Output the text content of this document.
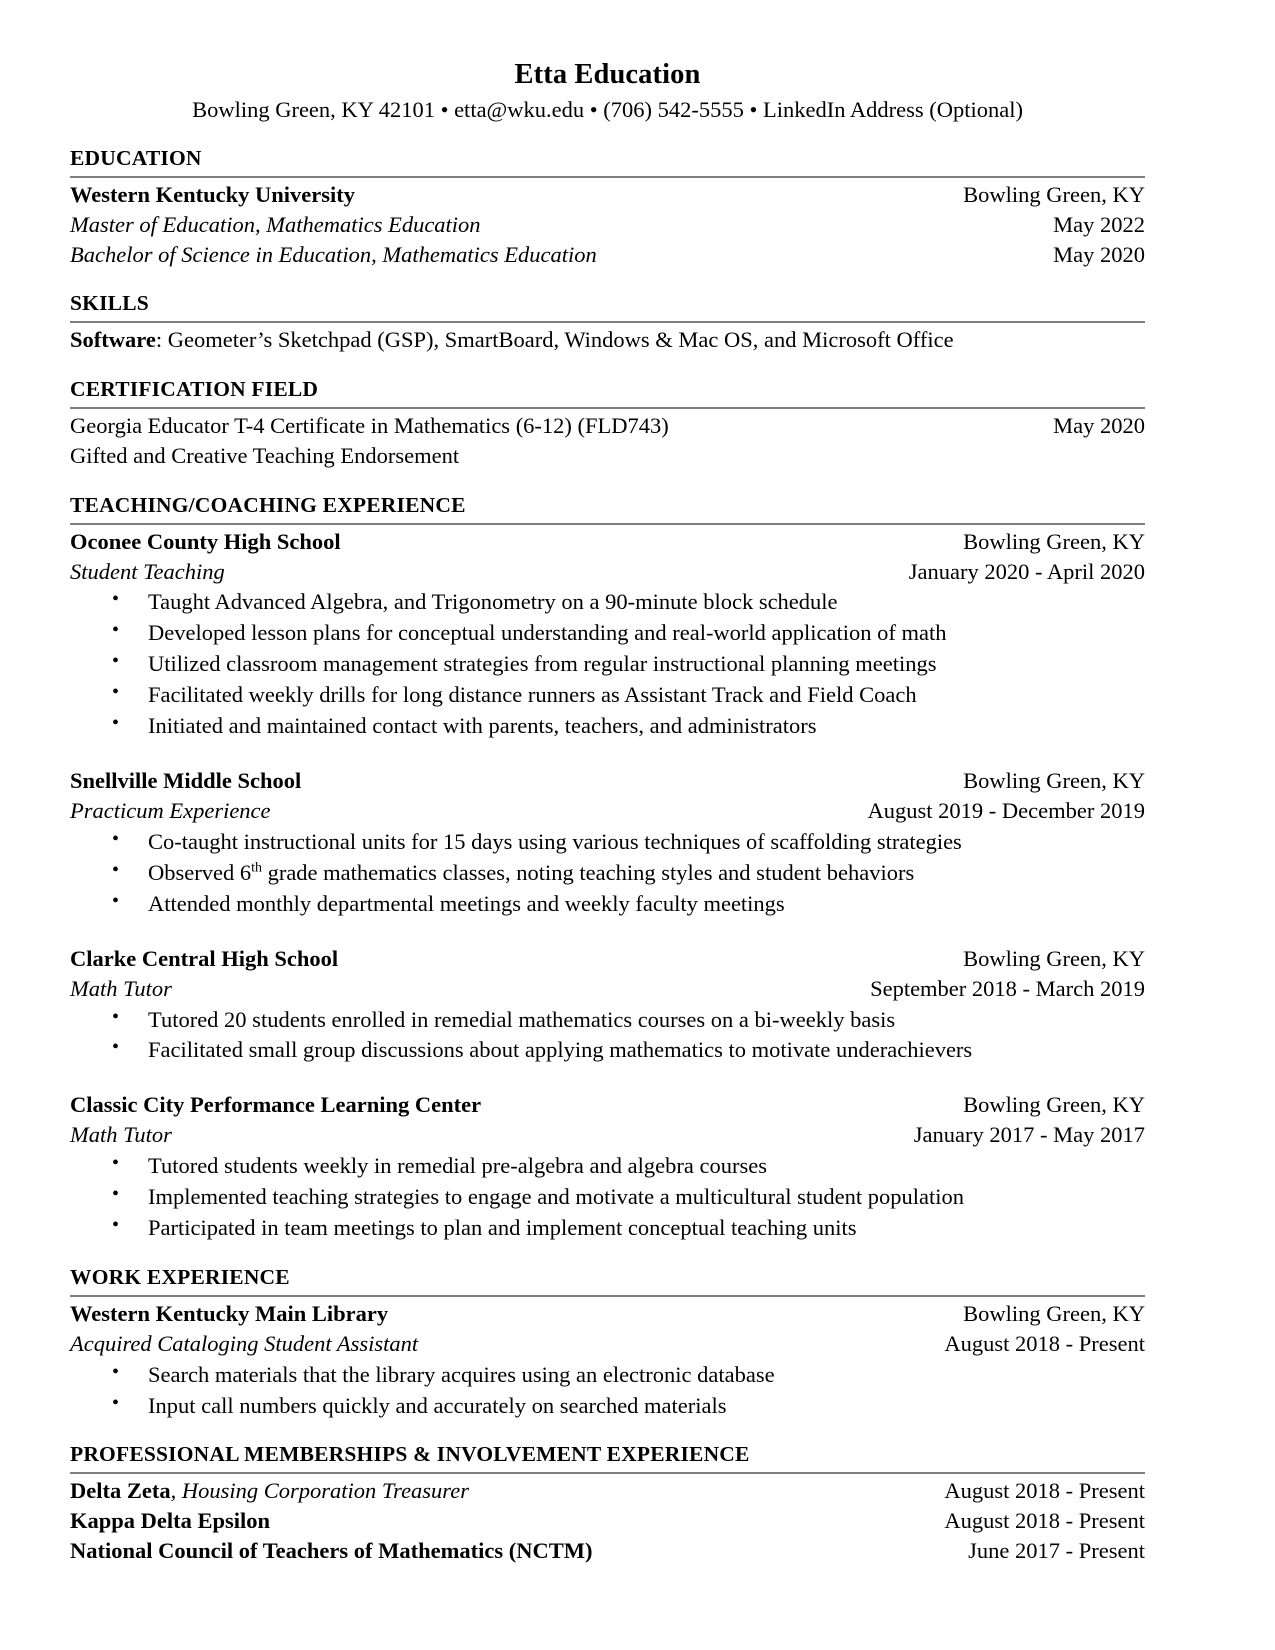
Etta Education
Bowling Green, KY 42101 • etta@wku.edu • (706) 542-5555 • LinkedIn Address (Optional)
EDUCATION
Western Kentucky University	Bowling Green, KY
Master of Education, Mathematics Education	May 2022
Bachelor of Science in Education, Mathematics Education	May 2020
SKILLS
Software: Geometer’s Sketchpad (GSP), SmartBoard, Windows & Mac OS, and Microsoft Office
CERTIFICATION FIELD
Georgia Educator T-4 Certificate in Mathematics (6-12) (FLD743)	May 2020
Gifted and Creative Teaching Endorsement
TEACHING/COACHING EXPERIENCE
Oconee County High School	Bowling Green, KY
Student Teaching	January 2020 - April 2020
• Taught Advanced Algebra, and Trigonometry on a 90-minute block schedule
• Developed lesson plans for conceptual understanding and real-world application of math
• Utilized classroom management strategies from regular instructional planning meetings
• Facilitated weekly drills for long distance runners as Assistant Track and Field Coach
• Initiated and maintained contact with parents, teachers, and administrators
Snellville Middle School	Bowling Green, KY
Practicum Experience	August 2019 - December 2019
• Co-taught instructional units for 15 days using various techniques of scaffolding strategies
• Observed 6th grade mathematics classes, noting teaching styles and student behaviors
• Attended monthly departmental meetings and weekly faculty meetings
Clarke Central High School	Bowling Green, KY
Math Tutor	September 2018 - March 2019
• Tutored 20 students enrolled in remedial mathematics courses on a bi-weekly basis
• Facilitated small group discussions about applying mathematics to motivate underachievers
Classic City Performance Learning Center	Bowling Green, KY
Math Tutor	January 2017 - May 2017
• Tutored students weekly in remedial pre-algebra and algebra courses
• Implemented teaching strategies to engage and motivate a multicultural student population
• Participated in team meetings to plan and implement conceptual teaching units
WORK EXPERIENCE
Western Kentucky Main Library	Bowling Green, KY
Acquired Cataloging Student Assistant	August 2018 - Present
• Search materials that the library acquires using an electronic database
• Input call numbers quickly and accurately on searched materials
PROFESSIONAL MEMBERSHIPS & INVOLVEMENT EXPERIENCE
Delta Zeta, Housing Corporation Treasurer	August 2018 - Present
Kappa Delta Epsilon	August 2018 - Present
National Council of Teachers of Mathematics (NCTM)	June 2017 - Present
